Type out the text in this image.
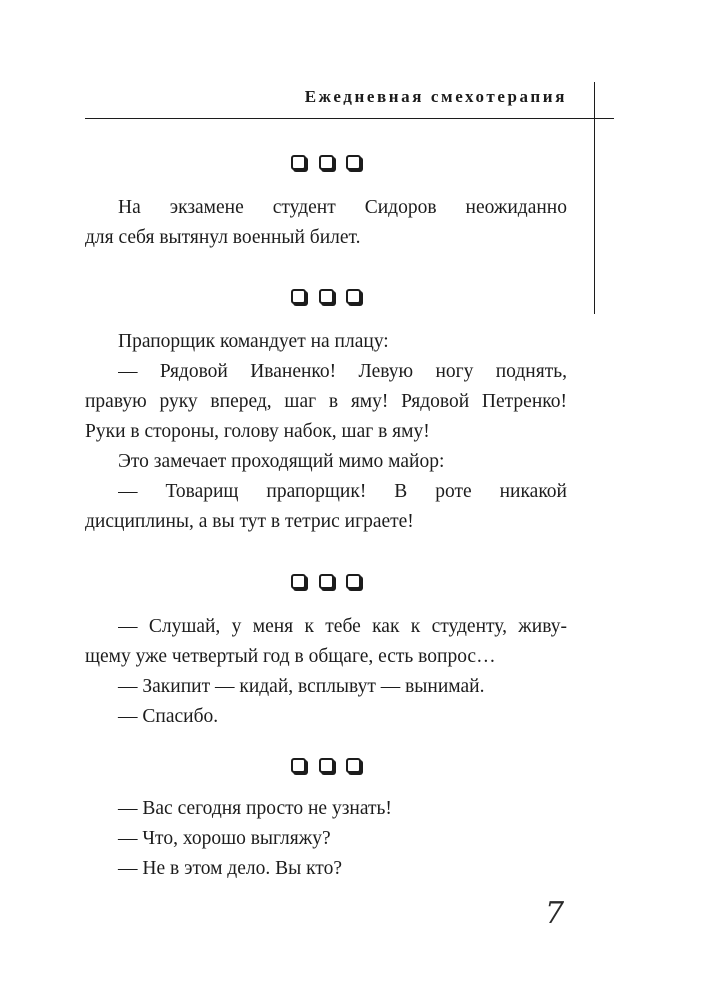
Ежедневная смехотерапия
На экзамене студент Сидоров неожиданно
для себя вытянул военный билет.
Прапорщик командует на плацу:
— Рядовой Иваненко! Левую ногу поднять,
правую руку вперед, шаг в яму! Рядовой Петренко!
Руки в стороны, голову набок, шаг в яму!
Это замечает проходящий мимо майор:
— Товарищ прапорщик! В роте никакой
дисциплины, а вы тут в тетрис играете!
— Слушай, у меня к тебе как к студенту, живу-
щему уже четвертый год в общаге, есть вопрос…
— Закипит — кидай, всплывут — вынимай.
— Спасибо.
— Вас сегодня просто не узнать!
— Что, хорошо выгляжу?
— Не в этом дело. Вы кто?
7
